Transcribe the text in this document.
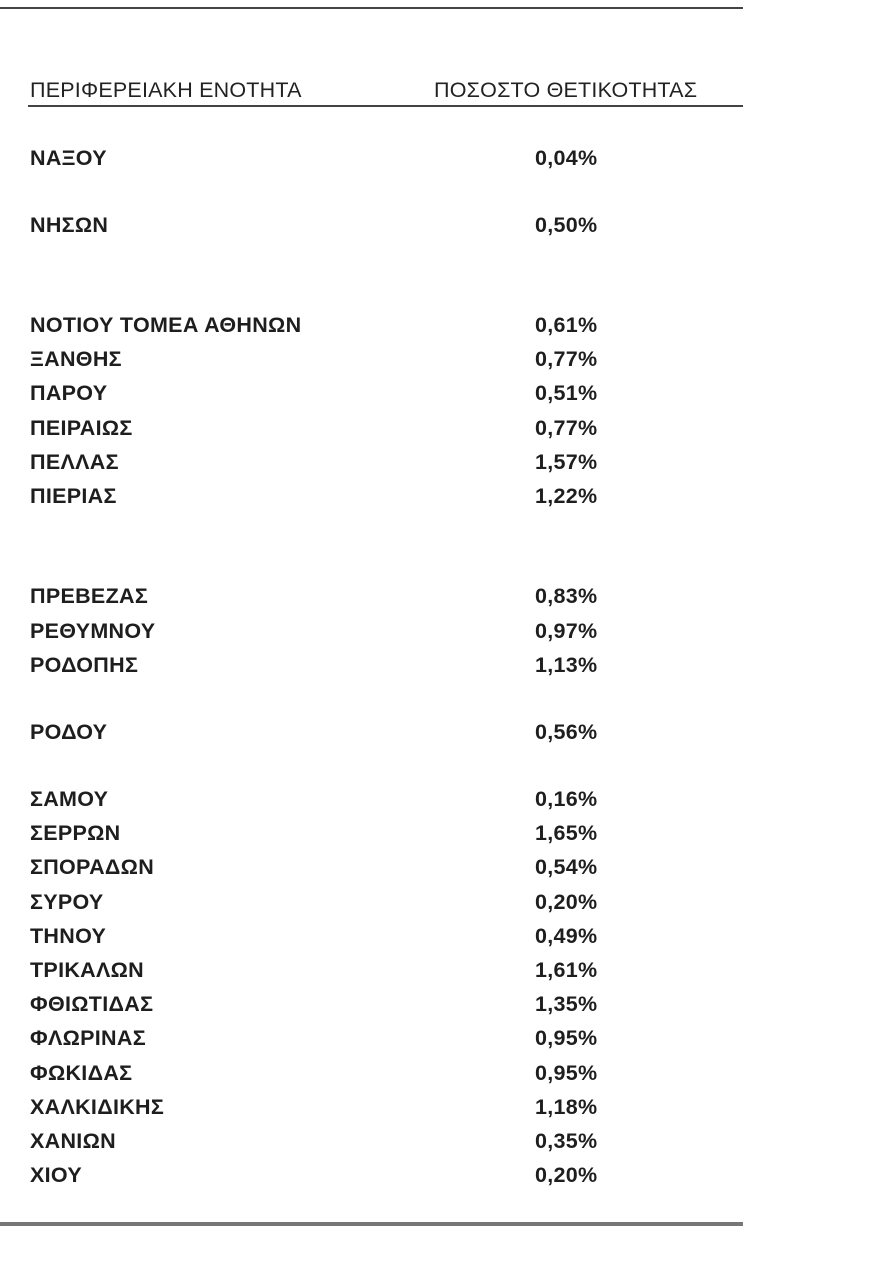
ΠΕΡΙΦΕΡΕΙΑΚΗ ΕΝΟΤΗΤΑ	ΠΟΣΟΣΤΟ ΘΕΤΙΚΟΤΗΤΑΣ
ΝΑΞΟΥ	0,04%
ΝΗΣΩΝ	0,50%
ΝΟΤΙΟΥ ΤΟΜΕΑ ΑΘΗΝΩΝ	0,61%
ΞΑΝΘΗΣ	0,77%
ΠΑΡΟΥ	0,51%
ΠΕΙΡΑΙΩΣ	0,77%
ΠΕΛΛΑΣ	1,57%
ΠΙΕΡΙΑΣ	1,22%
ΠΡΕΒΕΖΑΣ	0,83%
ΡΕΘΥΜΝΟΥ	0,97%
ΡΟΔΟΠΗΣ	1,13%
ΡΟΔΟΥ	0,56%
ΣΑΜΟΥ	0,16%
ΣΕΡΡΩΝ	1,65%
ΣΠΟΡΑΔΩΝ	0,54%
ΣΥΡΟΥ	0,20%
ΤΗΝΟΥ	0,49%
ΤΡΙΚΑΛΩΝ	1,61%
ΦΘΙΩΤΙΔΑΣ	1,35%
ΦΛΩΡΙΝΑΣ	0,95%
ΦΩΚΙΔΑΣ	0,95%
ΧΑΛΚΙΔΙΚΗΣ	1,18%
ΧΑΝΙΩΝ	0,35%
ΧΙΟΥ	0,20%
